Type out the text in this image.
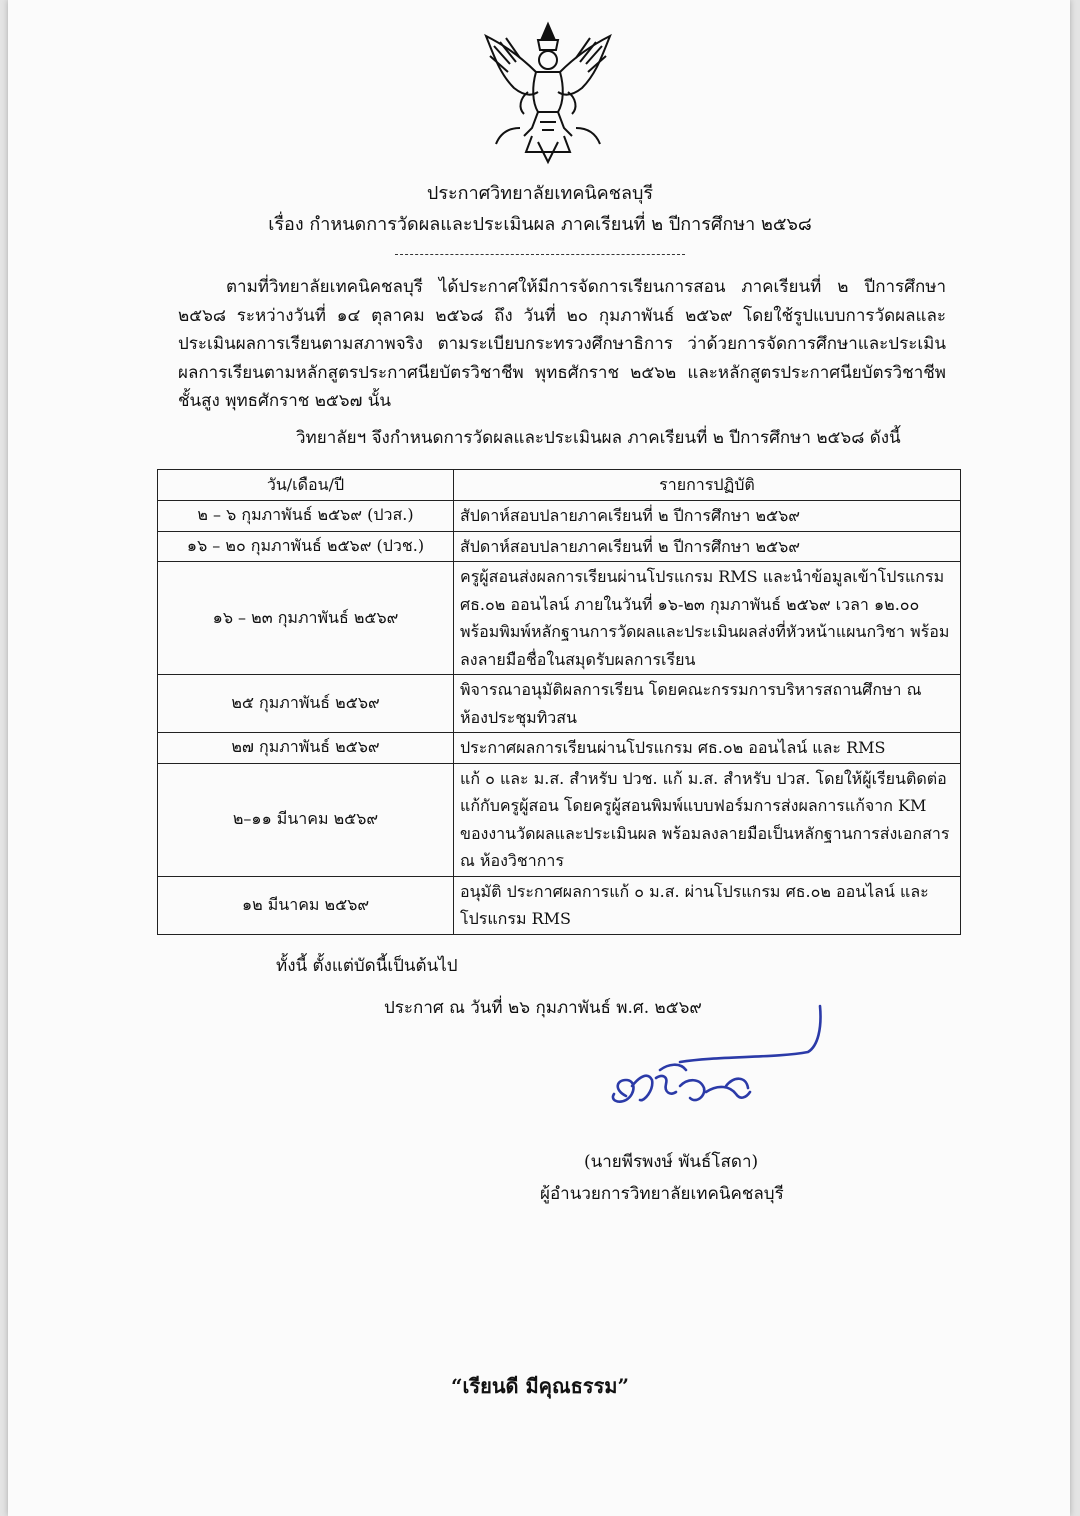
ประกาศวิทยาลัยเทคนิคชลบุรี
เรื่อง กำหนดการวัดผลและประเมินผล ภาคเรียนที่ ๒ ปีการศึกษา ๒๕๖๘

ตามที่วิทยาลัยเทคนิคชลบุรี ได้ประกาศให้มีการจัดการเรียนการสอน ภาคเรียนที่ ๒ ปีการศึกษา ๒๕๖๘ ระหว่างวันที่ ๑๔ ตุลาคม ๒๕๖๘ ถึง วันที่ ๒๐ กุมภาพันธ์ ๒๕๖๙ โดยใช้รูปแบบการวัดผลและประเมินผลการเรียนตามสภาพจริง ตามระเบียบกระทรวงศึกษาธิการ ว่าด้วยการจัดการศึกษาและประเมินผลการเรียนตามหลักสูตรประกาศนียบัตรวิชาชีพ พุทธศักราช ๒๕๖๒ และหลักสูตรประกาศนียบัตรวิชาชีพชั้นสูง พุทธศักราช ๒๕๖๗ นั้น

วิทยาลัยฯ จึงกำหนดการวัดผลและประเมินผล ภาคเรียนที่ ๒ ปีการศึกษา ๒๕๖๘ ดังนี้
วัน/เดือน/ปี	รายการปฏิบัติ
๒ – ๖ กุมภาพันธ์ ๒๕๖๙ (ปวส.)	สัปดาห์สอบปลายภาคเรียนที่ ๒ ปีการศึกษา ๒๕๖๙
๑๖ – ๒๐ กุมภาพันธ์ ๒๕๖๙ (ปวช.)	สัปดาห์สอบปลายภาคเรียนที่ ๒ ปีการศึกษา ๒๕๖๙
๑๖ – ๒๓ กุมภาพันธ์ ๒๕๖๙	ครูผู้สอนส่งผลการเรียนผ่านโปรแกรม RMS และนำข้อมูลเข้าโปรแกรม ศธ.๐๒ ออนไลน์ ภายในวันที่ ๑๖-๒๓ กุมภาพันธ์ ๒๕๖๙ เวลา ๑๒.๐๐ พร้อมพิมพ์หลักฐานการวัดผลและประเมินผลส่งที่หัวหน้าแผนกวิชา พร้อมลงลายมือชื่อในสมุดรับผลการเรียน
๒๕ กุมภาพันธ์ ๒๕๖๙	พิจารณาอนุมัติผลการเรียน โดยคณะกรรมการบริหารสถานศึกษา ณ ห้องประชุมทิวสน
๒๗ กุมภาพันธ์ ๒๕๖๙	ประกาศผลการเรียนผ่านโปรแกรม ศธ.๐๒ ออนไลน์ และ RMS
๒–๑๑ มีนาคม ๒๕๖๙	แก้ ๐ และ ม.ส. สำหรับ ปวช. แก้ ม.ส. สำหรับ ปวส. โดยให้ผู้เรียนติดต่อแก้กับครูผู้สอน โดยครูผู้สอนพิมพ์แบบฟอร์มการส่งผลการแก้จาก KM ของงานวัดผลและประเมินผล พร้อมลงลายมือเป็นหลักฐานการส่งเอกสาร ณ ห้องวิชาการ
๑๒ มีนาคม ๒๕๖๙	อนุมัติ ประกาศผลการแก้ ๐ ม.ส. ผ่านโปรแกรม ศธ.๐๒ ออนไลน์ และโปรแกรม RMS
ทั้งนี้ ตั้งแต่บัดนี้เป็นต้นไป
ประกาศ ณ วันที่ ๒๖ กุมภาพันธ์ พ.ศ. ๒๕๖๙
(นายพีรพงษ์ พันธ์โสดา)
ผู้อำนวยการวิทยาลัยเทคนิคชลบุรี
“เรียนดี มีคุณธรรม”
